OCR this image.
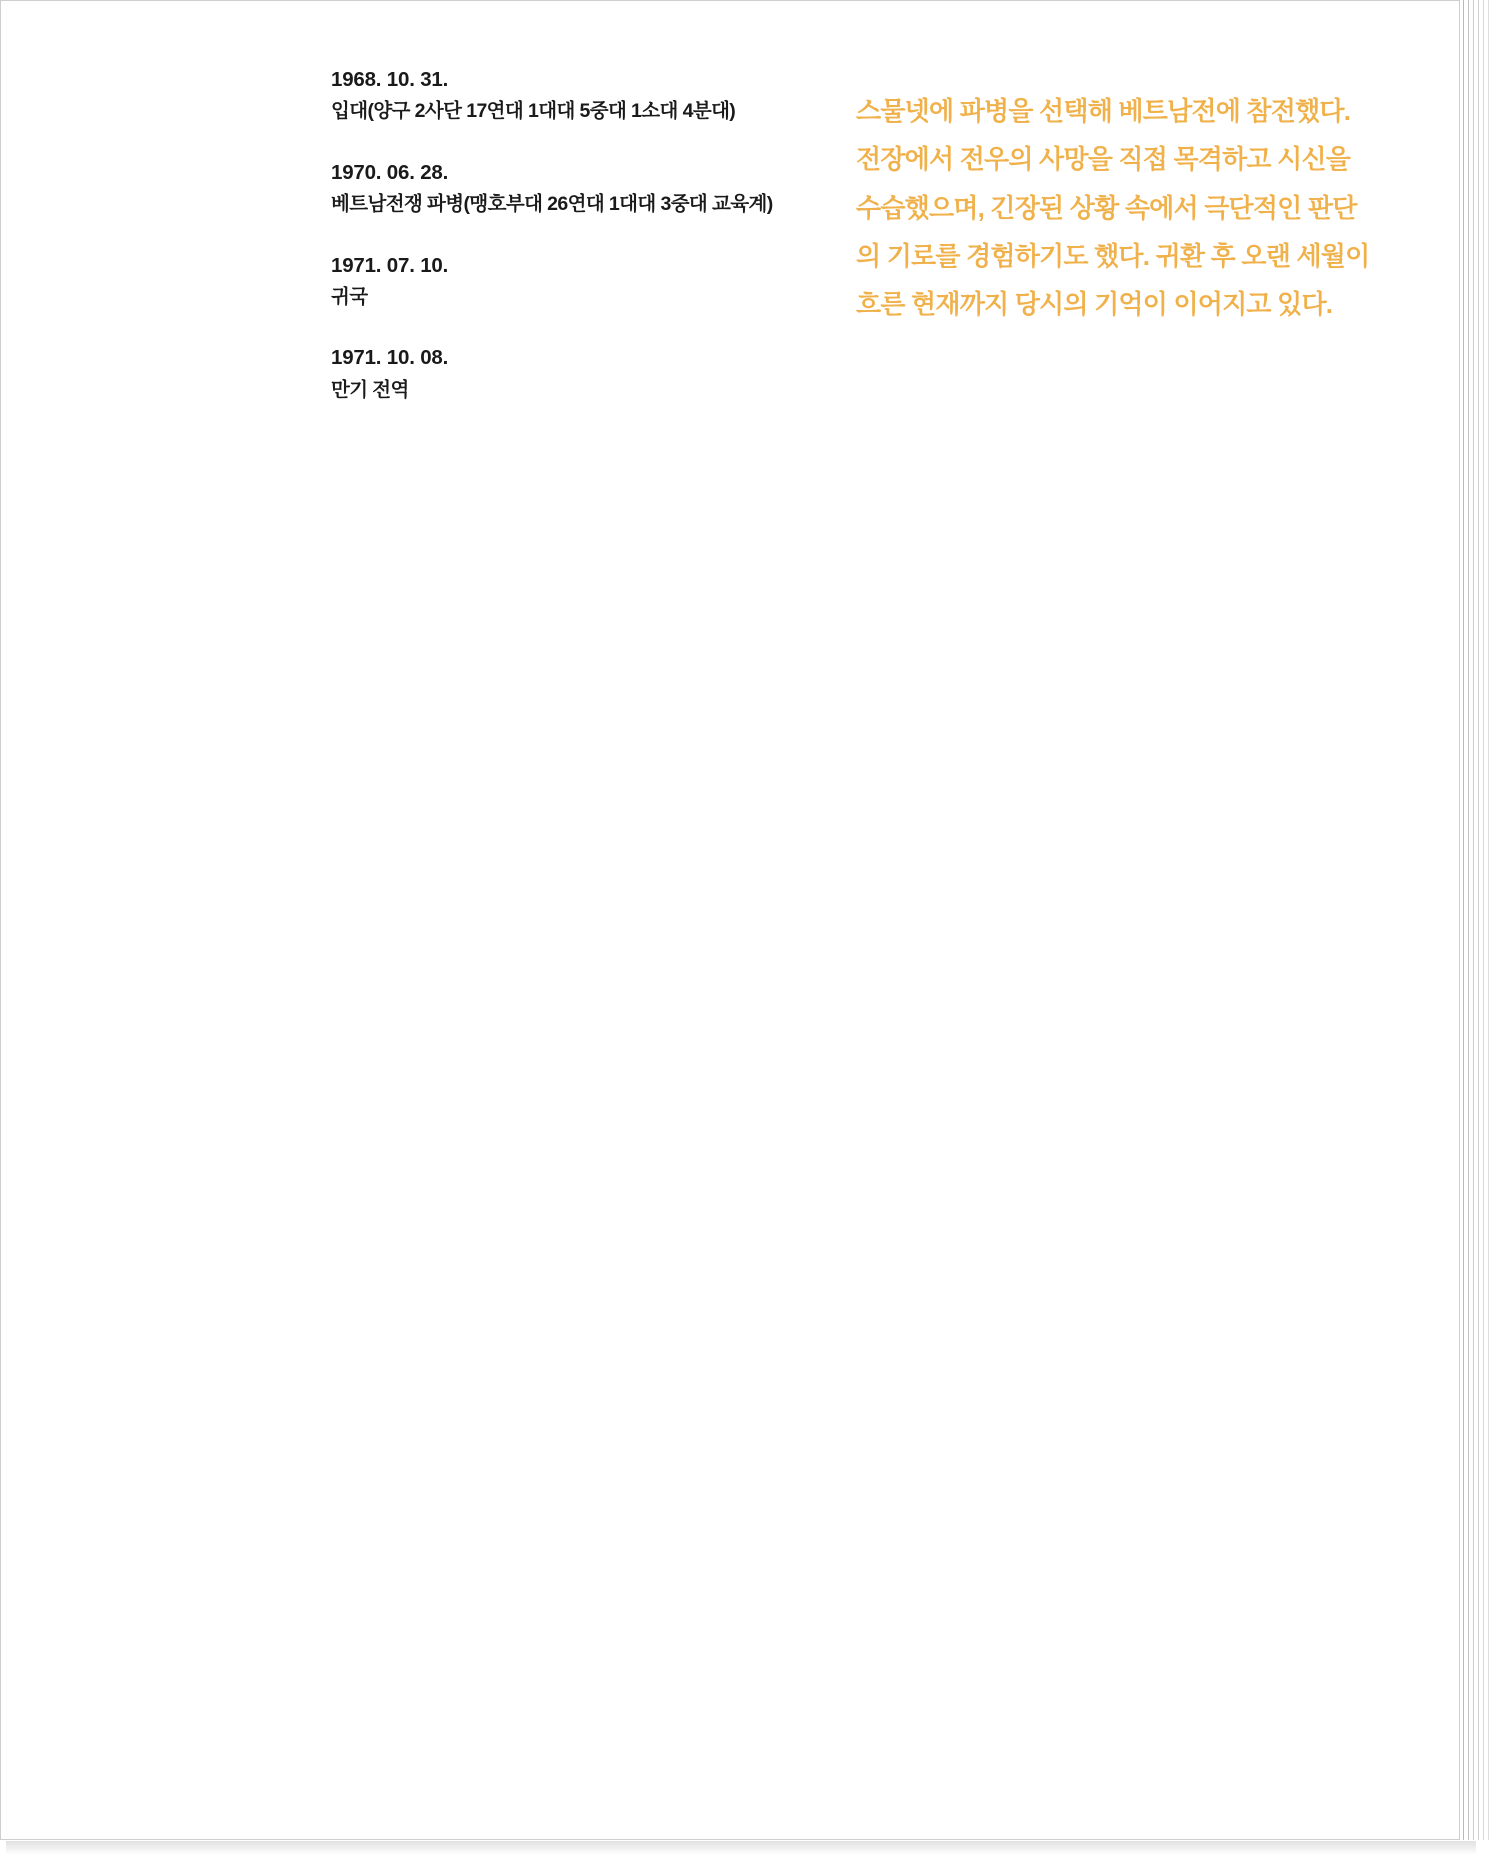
1968. 10. 31.
입대(양구 2사단 17연대 1대대 5중대 1소대 4분대)
1970. 06. 28.
베트남전쟁 파병(맹호부대 26연대 1대대 3중대 교육계)
1971. 07. 10.
귀국
1971. 10. 08.
만기 전역

스물넷에 파병을 선택해 베트남전에 참전했다. 전장에서 전우의 사망을 직접 목격하고 시신을 수습했으며, 긴장된 상황 속에서 극단적인 판단의 기로를 경험하기도 했다. 귀환 후 오랜 세월이 흐른 현재까지 당시의 기억이 이어지고 있다.
